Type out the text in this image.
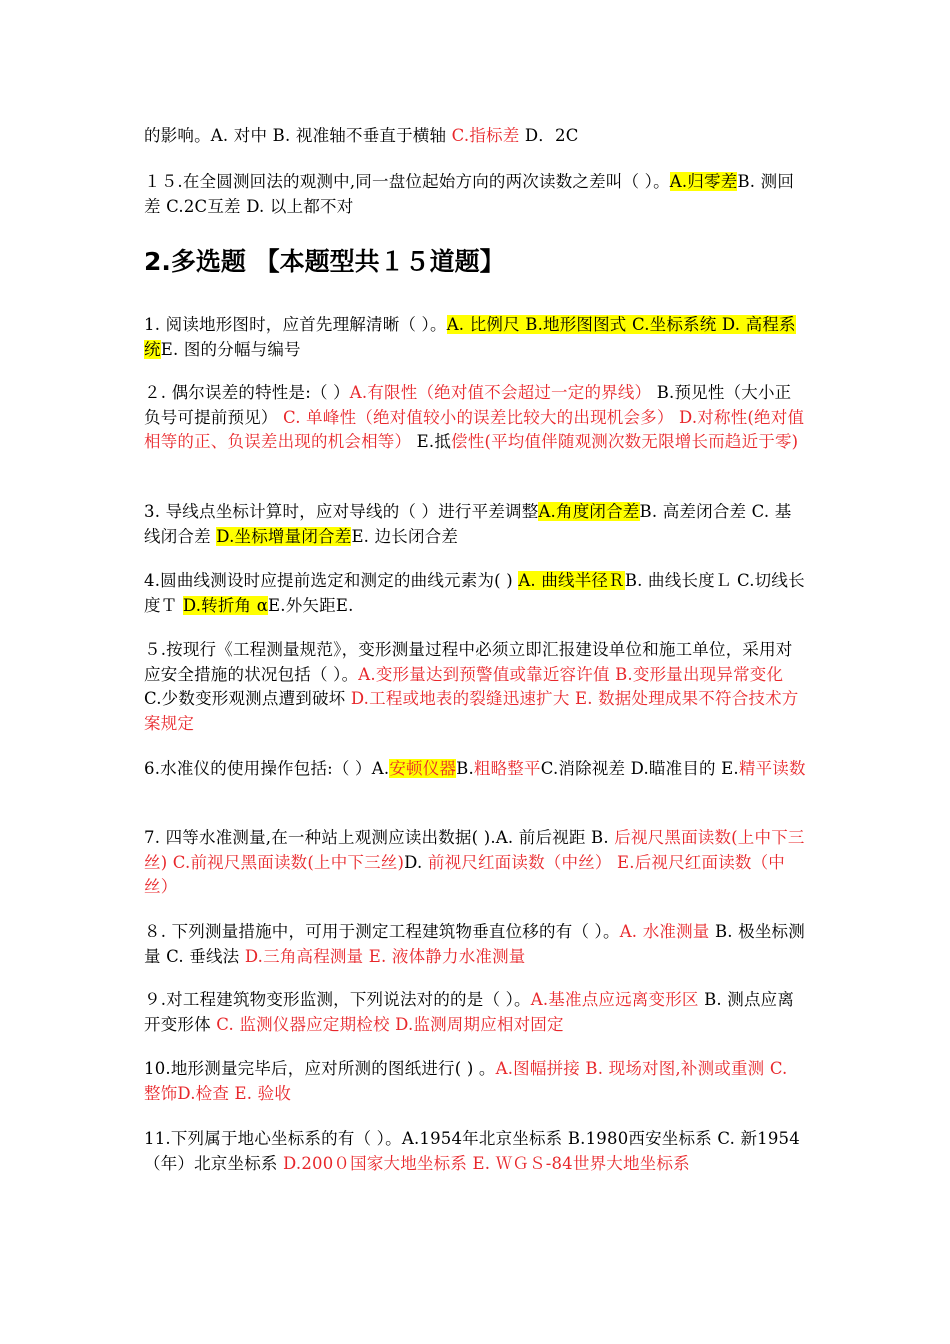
的影响。A. 对中 B. 视准轴不垂直于横轴 C.指标差 D．2C

１５.在全圆测回法的观测中,同一盘位起始方向的两次读数之差叫（ ）。A.归零差B. 测回差 C.2C互差 D. 以上都不对

2.多选题 【本题型共１５道题】

1. 阅读地形图时，应首先理解清晰（ ）。A. 比例尺 B.地形图图式 C.坐标系统 D. 高程系统E. 图的分幅与编号

２. 偶尔误差的特性是:（ ）A.有限性（绝对值不会超过一定的界线） B.预见性（大小正负号可提前预见） C. 单峰性（绝对值较小的误差比较大的出现机会多） D.对称性(绝对值相等的正、负误差出现的机会相等） E.抵偿性(平均值伴随观测次数无限增长而趋近于零)

3. 导线点坐标计算时，应对导线的（ ）进行平差调整A.角度闭合差B. 高差闭合差 C. 基线闭合差 D.坐标增量闭合差E. 边长闭合差

4.圆曲线测设时应提前选定和测定的曲线元素为( ) A. 曲线半径ＲB. 曲线长度Ｌ C.切线长度Ｔ D.转折角 αE.外矢距E.

５.按现行《工程测量规范》，变形测量过程中必须立即汇报建设单位和施工单位，采用对应安全措施的状况包括（ ）。A.变形量达到预警值或靠近容许值 B.变形量出现异常变化 C.少数变形观测点遭到破坏 D.工程或地表的裂缝迅速扩大 E. 数据处理成果不符合技术方案规定

6.水准仪的使用操作包括:（ ）A.安顿仪器B.粗略整平C.消除视差 D.瞄准目的 E.精平读数

7. 四等水准测量,在一种站上观测应读出数据( ).A. 前后视距 B. 后视尺黑面读数(上中下三丝) C.前视尺黑面读数(上中下三丝)D. 前视尺红面读数（中丝） E.后视尺红面读数（中丝）

８. 下列测量措施中，可用于测定工程建筑物垂直位移的有（ ）。A. 水准测量 B. 极坐标测量 C. 垂线法 D.三角高程测量 E. 液体静力水准测量

９.对工程建筑物变形监测，下列说法对的的是（ ）。A.基准点应远离变形区 B. 测点应离开变形体 C. 监测仪器应定期检校 D.监测周期应相对固定

10.地形测量完毕后，应对所测的图纸进行( ) 。A.图幅拼接 B. 现场对图,补测或重测 C. 整饰D.检查 E. 验收

11.下列属于地心坐标系的有（ ）。A.1954年北京坐标系 B.1980西安坐标系 C. 新1954（年）北京坐标系 D.200０国家大地坐标系 E. ＷＧＳ-84世界大地坐标系
